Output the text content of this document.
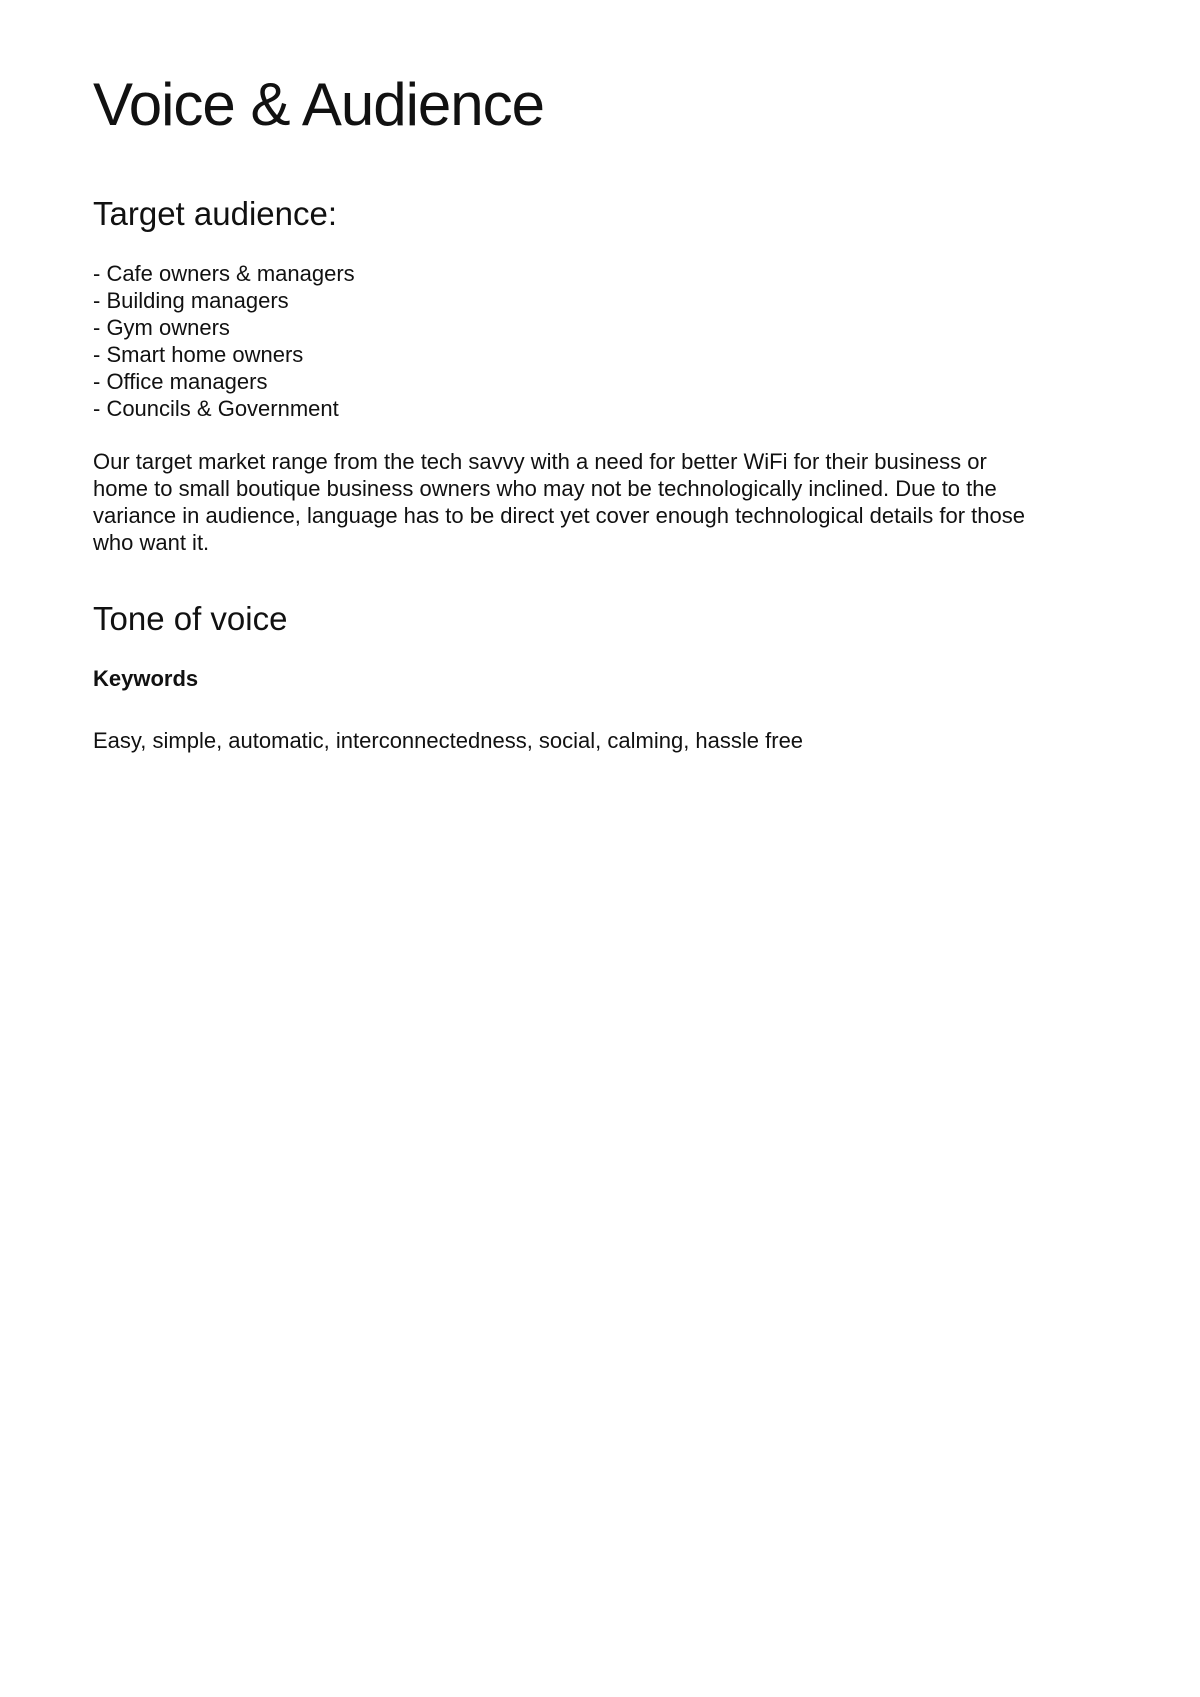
Voice & Audience
Target audience:
- Cafe owners & managers
- Building managers
- Gym owners
- Smart home owners
- Office managers
- Councils & Government

Our target market range from the tech savvy with a need for better WiFi for their business or home to small boutique business owners who may not be technologically inclined. Due to the variance in audience, language has to be direct yet cover enough technological details for those who want it.

Tone of voice
Keywords

Easy, simple, automatic, interconnectedness, social, calming, hassle free
